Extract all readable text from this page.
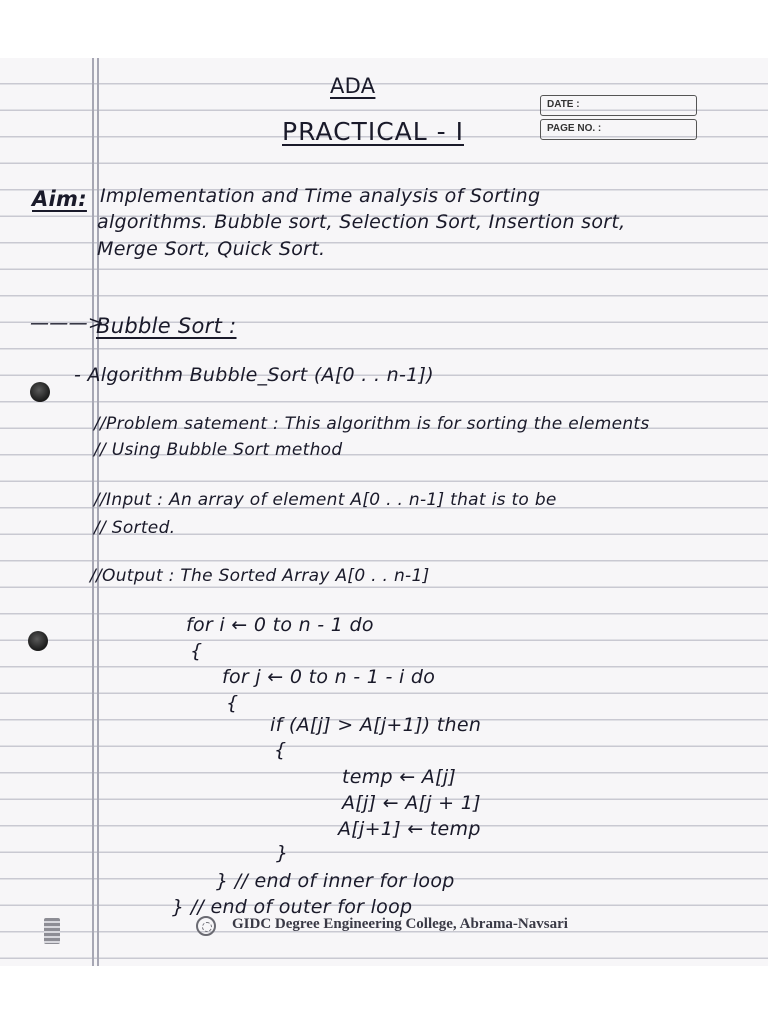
ADA
PRACTICAL - I
DATE :
PAGE NO. :
Aim: Implementation and Time analysis of Sorting
algorithms. Bubble sort, Selection Sort, Insertion sort,
Merge Sort, Quick Sort.
———>
Bubble Sort :
- Algorithm Bubble_Sort (A[0 . . n-1])
//Problem satement : This algorithm is for sorting the elements
// Using Bubble Sort method
//Input : An array of element A[0 . . n-1] that is to be
// Sorted.
//Output : The Sorted Array A[0 . . n-1]
for i ← 0 to n - 1 do
{
for j ← 0 to n - 1 - i do
{
if (A[j] > A[j+1]) then
{
temp ← A[j]
A[j] ← A[j + 1]
A[j+1] ← temp
}
} // end of inner for loop
} // end of outer for loop
GIDC Degree Engineering College, Abrama-Navsari
